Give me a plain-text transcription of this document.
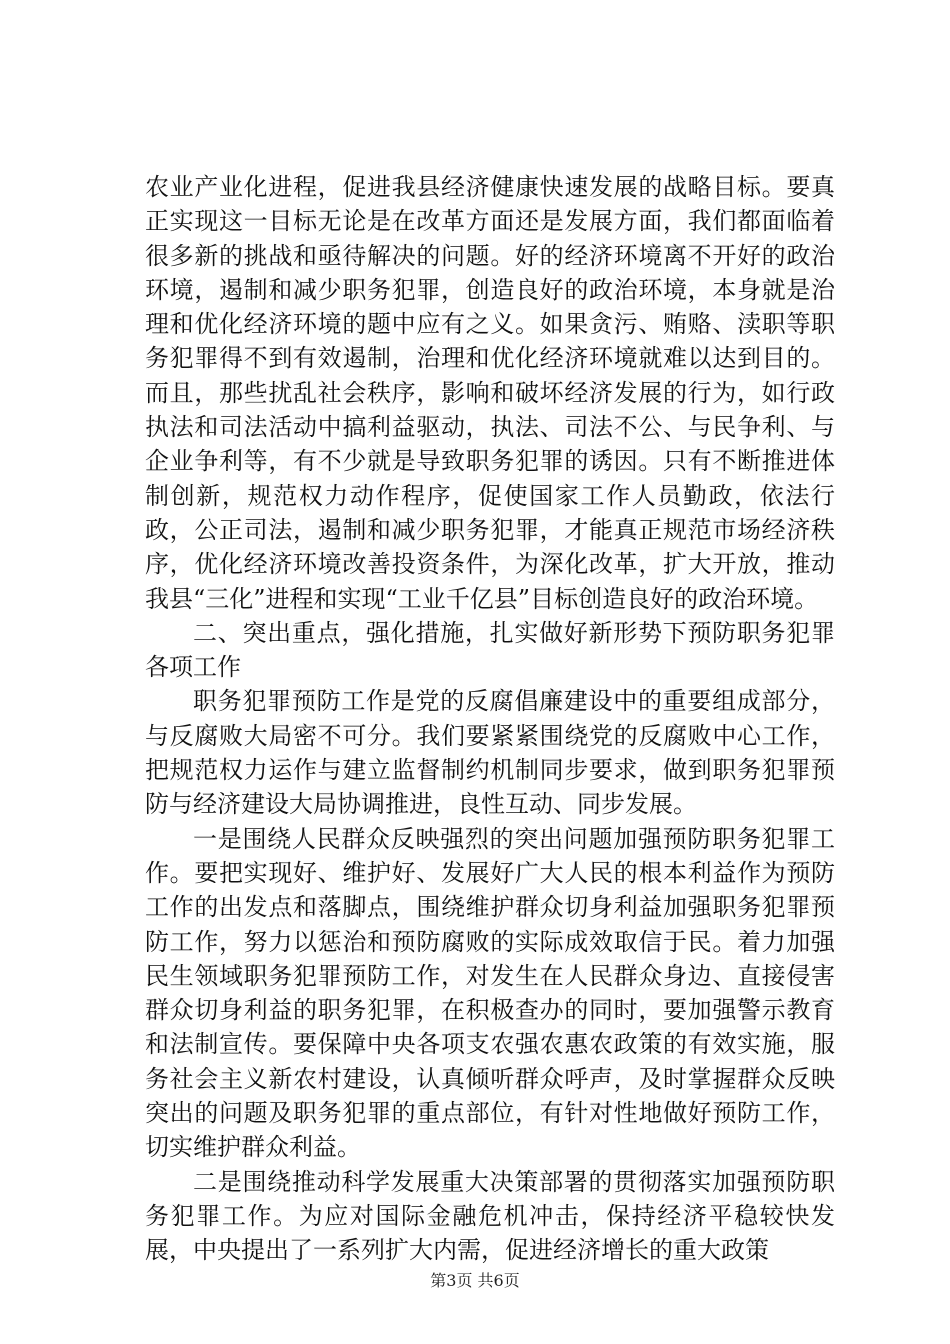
农业产业化进程，促进我县经济健康快速发展的战略目标。要真正实现这一目标无论是在改革方面还是发展方面，我们都面临着很多新的挑战和亟待解决的问题。好的经济环境离不开好的政治环境，遏制和减少职务犯罪，创造良好的政治环境，本身就是治理和优化经济环境的题中应有之义。如果贪污、贿赂、渎职等职务犯罪得不到有效遏制，治理和优化经济环境就难以达到目的。而且，那些扰乱社会秩序，影响和破坏经济发展的行为，如行政执法和司法活动中搞利益驱动，执法、司法不公、与民争利、与企业争利等，有不少就是导致职务犯罪的诱因。只有不断推进体制创新，规范权力动作程序，促使国家工作人员勤政，依法行政，公正司法，遏制和减少职务犯罪，才能真正规范市场经济秩序，优化经济环境改善投资条件，为深化改革，扩大开放，推动我县“三化”进程和实现“工业千亿县”目标创造良好的政治环境。

二、突出重点，强化措施，扎实做好新形势下预防职务犯罪各项工作

职务犯罪预防工作是党的反腐倡廉建设中的重要组成部分，与反腐败大局密不可分。我们要紧紧围绕党的反腐败中心工作，把规范权力运作与建立监督制约机制同步要求，做到职务犯罪预防与经济建设大局协调推进，良性互动、同步发展。

一是围绕人民群众反映强烈的突出问题加强预防职务犯罪工作。要把实现好、维护好、发展好广大人民的根本利益作为预防工作的出发点和落脚点，围绕维护群众切身利益加强职务犯罪预防工作，努力以惩治和预防腐败的实际成效取信于民。着力加强民生领域职务犯罪预防工作，对发生在人民群众身边、直接侵害群众切身利益的职务犯罪，在积极查办的同时，要加强警示教育和法制宣传。要保障中央各项支农强农惠农政策的有效实施，服务社会主义新农村建设，认真倾听群众呼声，及时掌握群众反映突出的问题及职务犯罪的重点部位，有针对性地做好预防工作，切实维护群众利益。

二是围绕推动科学发展重大决策部署的贯彻落实加强预防职务犯罪工作。为应对国际金融危机冲击，保持经济平稳较快发展，中央提出了一系列扩大内需，促进经济增长的重大政策

第3页 共6页
